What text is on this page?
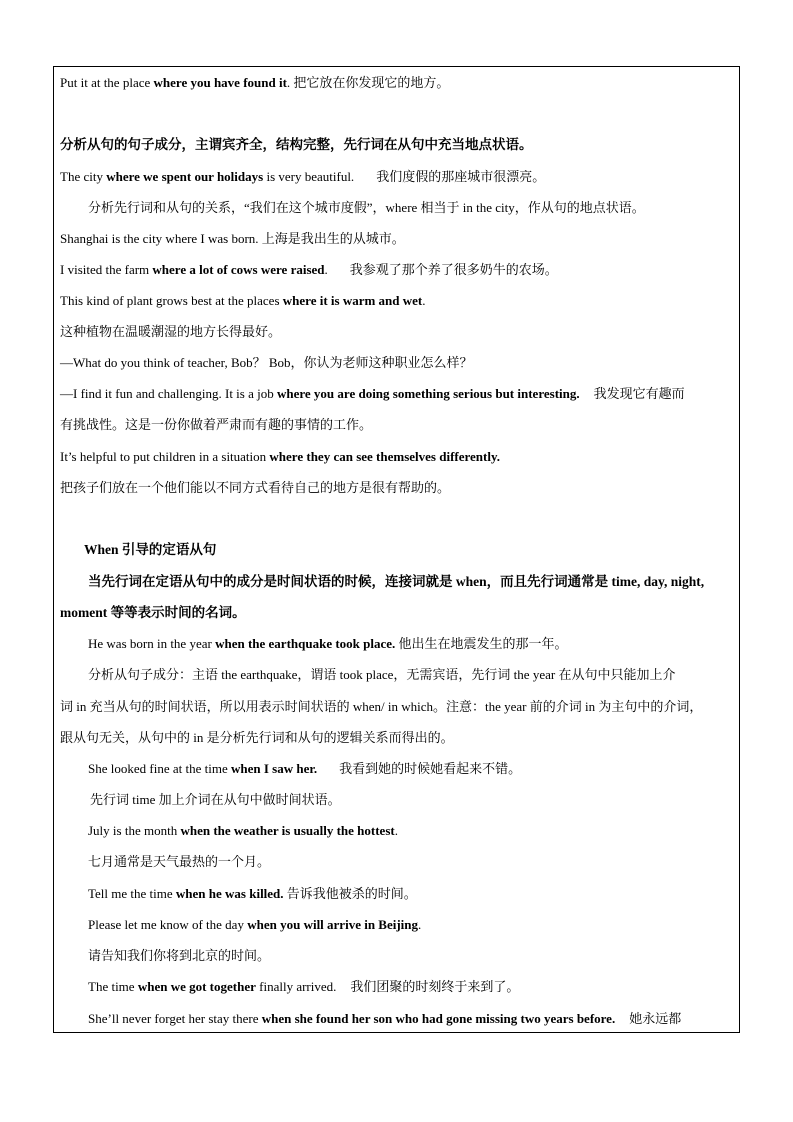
Put it at the place where you have found it. 把它放在你发现它的地方。

分析从句的句子成分，主谓宾齐全，结构完整，先行词在从句中充当地点状语。

The city where we spent our holidays is very beautiful. 我们度假的那座城市很漂亮。

分析先行词和从句的关系，“我们在这个城市度假”，where 相当于 in the city，作从句的地点状语。

Shanghai is the city where I was born. 上海是我出生的从城市。

I visited the farm where a lot of cows were raised. 我参观了那个养了很多奶牛的农场。

This kind of plant grows best at the places where it is warm and wet.

这种植物在温暖潮湿的地方长得最好。

—What do you think of teacher, Bob？ Bob，你认为老师这种职业怎么样？

—I find it fun and challenging. It is a job where you are doing something serious but interesting. 我发现它有趣而

有挑战性。这是一份你做着严肃而有趣的事情的工作。

It’s helpful to put children in a situation where they can see themselves differently.

把孩子们放在一个他们能以不同方式看待自己的地方是很有帮助的。

When 引导的定语从句

当先行词在定语从句中的成分是时间状语的时候，连接词就是 when，而且先行词通常是 time, day, night,

moment 等等表示时间的名词。

He was born in the year when the earthquake took place. 他出生在地震发生的那一年。

分析从句子成分：主语 the earthquake，谓语 took place，无需宾语，先行词 the year 在从句中只能加上介

词 in 充当从句的时间状语，所以用表示时间状语的 when/ in which。注意：the year 前的介词 in 为主句中的介词，

跟从句无关，从句中的 in 是分析先行词和从句的逻辑关系而得出的。

She looked fine at the time when I saw her. 我看到她的时候她看起来不错。

先行词 time 加上介词在从句中做时间状语。

July is the month when the weather is usually the hottest.

七月通常是天气最热的一个月。

Tell me the time when he was killed. 告诉我他被杀的时间。

Please let me know of the day when you will arrive in Beijing.

请告知我们你将到北京的时间。

The time when we got together finally arrived. 我们团聚的时刻终于来到了。

She’ll never forget her stay there when she found her son who had gone missing two years before. 她永远都
